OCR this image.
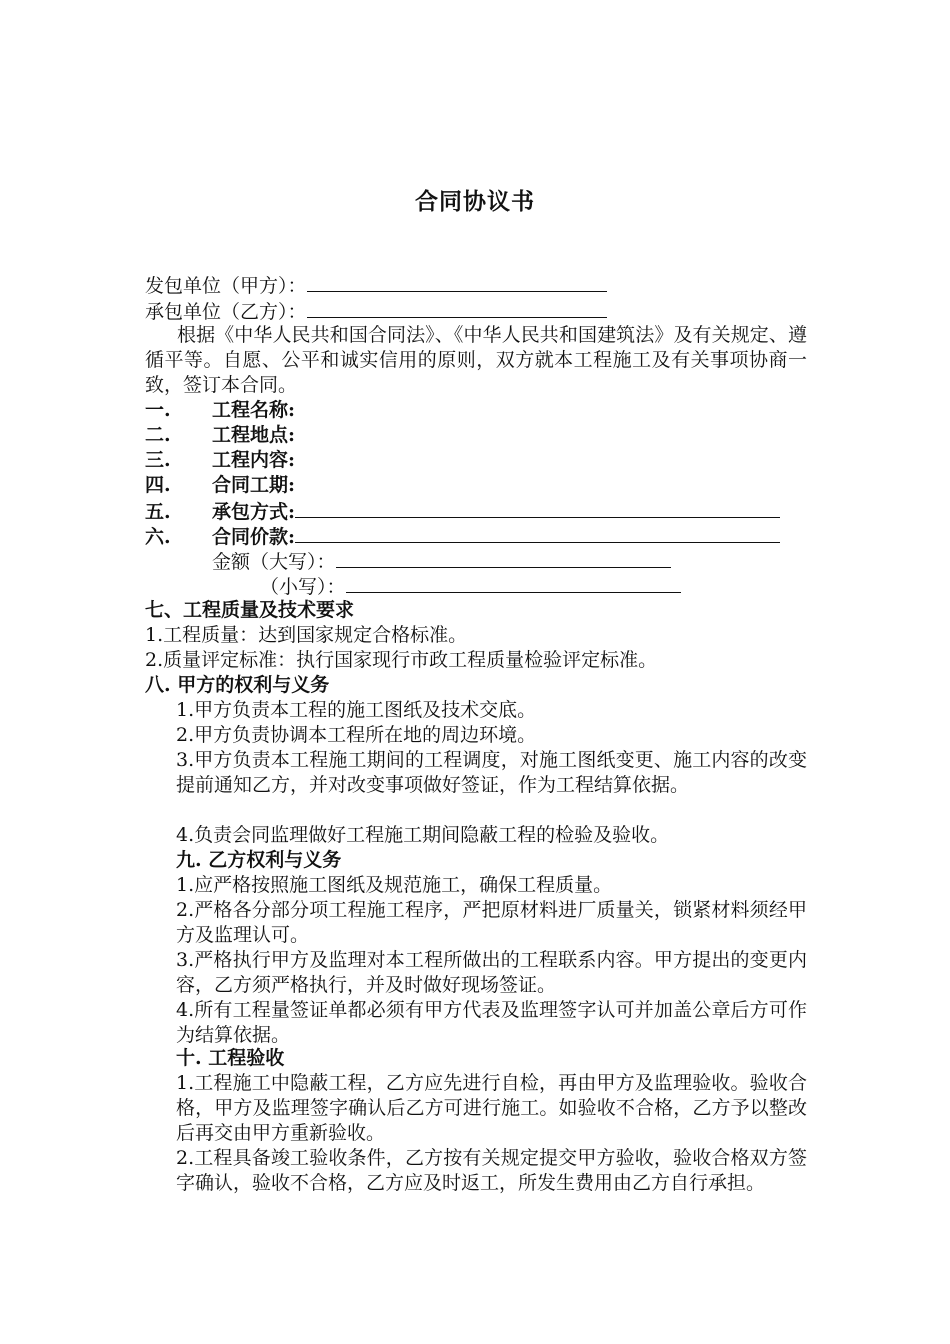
合同协议书
发包单位（甲方）：
承包单位（乙方）：
根据《中华人民共和国合同法》、《中华人民共和国建筑法》及有关规定、遵循平等。自愿、公平和诚实信用的原则，双方就本工程施工及有关事项协商一致，签订本合同。
一. 工程名称:
二. 工程地点:
三. 工程内容:
四. 合同工期:
五. 承包方式:
六. 合同价款:
金额（大写）：
（小写）：
七、工程质量及技术要求
1.工程质量：达到国家规定合格标准。
2.质量评定标准：执行国家现行市政工程质量检验评定标准。
八. 甲方的权利与义务
1.甲方负责本工程的施工图纸及技术交底。
2.甲方负责协调本工程所在地的周边环境。
3.甲方负责本工程施工期间的工程调度，对施工图纸变更、施工内容的改变提前通知乙方，并对改变事项做好签证，作为工程结算依据。
4.负责会同监理做好工程施工期间隐蔽工程的检验及验收。
九. 乙方权利与义务
1.应严格按照施工图纸及规范施工，确保工程质量。
2.严格各分部分项工程施工程序，严把原材料进厂质量关，锁紧材料须经甲方及监理认可。
3.严格执行甲方及监理对本工程所做出的工程联系内容。甲方提出的变更内容，乙方须严格执行，并及时做好现场签证。
4.所有工程量签证单都必须有甲方代表及监理签字认可并加盖公章后方可作为结算依据。
十. 工程验收
1.工程施工中隐蔽工程，乙方应先进行自检，再由甲方及监理验收。验收合格，甲方及监理签字确认后乙方可进行施工。如验收不合格，乙方予以整改后再交由甲方重新验收。
2.工程具备竣工验收条件，乙方按有关规定提交甲方验收，验收合格双方签字确认，验收不合格，乙方应及时返工，所发生费用由乙方自行承担。
